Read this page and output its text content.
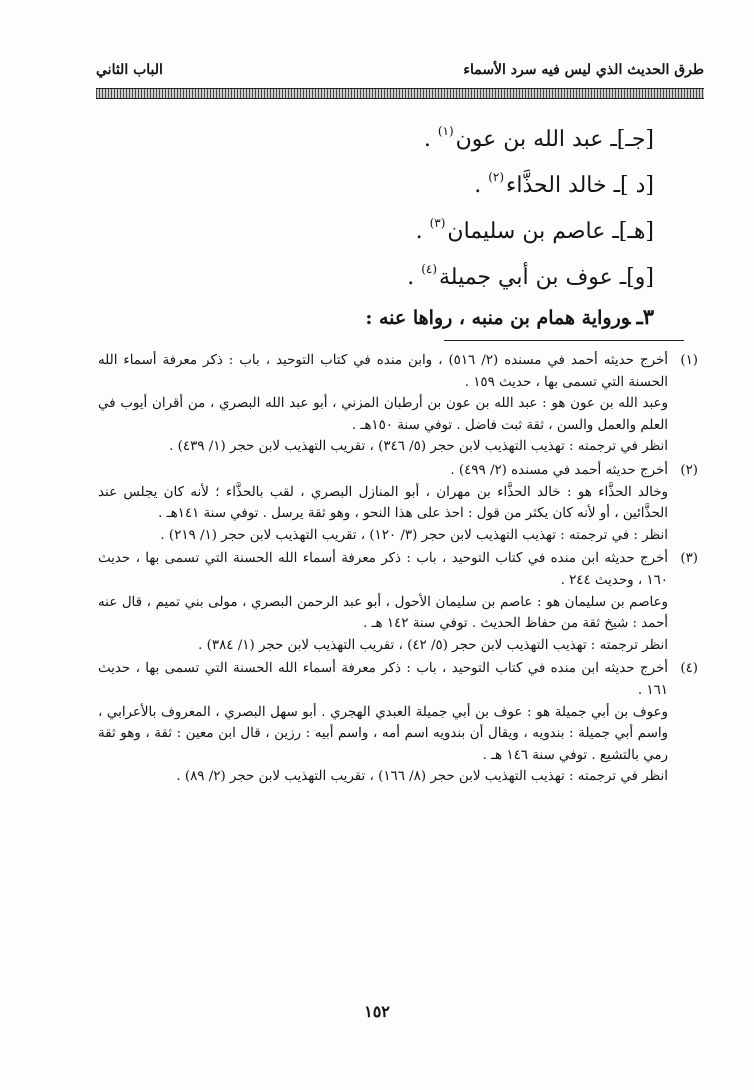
طرق الحديث الذي ليس فيه سرد الأسماء
الباب الثاني
[جـ]ـ عبد الله بن عون$^{(١)}$ .
[د ]ـ خالد الحذَّاء$^{(٢)}$ .
[هـ]ـ عاصم بن سليمان$^{(٣)}$ .
[و]ـ عوف بن أبي جميلة$^{(٤)}$ .
٣ـورواية همام بن منبه ، رواها عنه :
(١)

أخرج حديثه أحمد في مسنده (٢/ ٥١٦) ، وابن منده في كتاب التوحيد ، باب : ذكر معرفة أسماء الله الحسنة التي تسمى بها ، حديث ١٥٩ .

وعبد الله بن عون هو : عبد الله بن عون بن أرطبان المزني ، أبو عبد الله البصري ، من أقران أيوب في العلم والعمل والسن ، ثقة ثبت فاضل . توفي سنة ١٥٠هـ .

انظر في ترجمته : تهذيب التهذيب لابن حجر (٥/ ٣٤٦) ، تقريب التهذيب لابن حجر (١/ ٤٣٩) .

(٢)

أخرج حديثه أحمد في مسنده (٢/ ٤٩٩) .

وخالد الحذَّاء هو : خالد الحذَّاء بن مهران ، أبو المنازل البصري ، لقب بالحذَّاء ؛ لأنه كان يجلس عند الحذَّائين ، أو لأنه كان يكثر من قول : احذ على هذا النحو ، وهو ثقة يرسل . توفي سنة ١٤١هـ .

انظر : في ترجمته : تهذيب التهذيب لابن حجر (٣/ ١٢٠) ، تقريب التهذيب لابن حجر (١/ ٢١٩) .

(٣)

أخرج حديثه ابن منده في كتاب التوحيد ، باب : ذكر معرفة أسماء الله الحسنة التي تسمى بها ، حديث ١٦٠ ، وحديث ٢٤٤ .

وعاصم بن سليمان هو : عاصم بن سليمان الأحول ، أبو عبد الرحمن البصري ، مولى بني تميم ، قال عنه أحمد : شيخ ثقة من حفاظ الحديث . توفي سنة ١٤٢ هـ .

انظر ترجمته : تهذيب التهذيب لابن حجر (٥/ ٤٢) ، تقريب التهذيب لابن حجر (١/ ٣٨٤) .

(٤)

أخرج حديثه ابن منده في كتاب التوحيد ، باب : ذكر معرفة أسماء الله الحسنة التي تسمى بها ، حديث ١٦١ .

وعوف بن أبي جميلة هو : عوف بن أبي جميلة العبدي الهجري . أبو سهل البصري ، المعروف بالأعرابي ، واسم أبي جميلة : بندويه ، ويقال أن بندويه اسم أمه ، واسم أبيه : رزين ، قال ابن معين : ثقة ، وهو ثقة رمي بالتشيع . توفي سنة ١٤٦ هـ .

انظر في ترجمته : تهذيب التهذيب لابن حجر (٨/ ١٦٦) ، تقريب التهذيب لابن حجر (٢/ ٨٩) .

١٥٢
